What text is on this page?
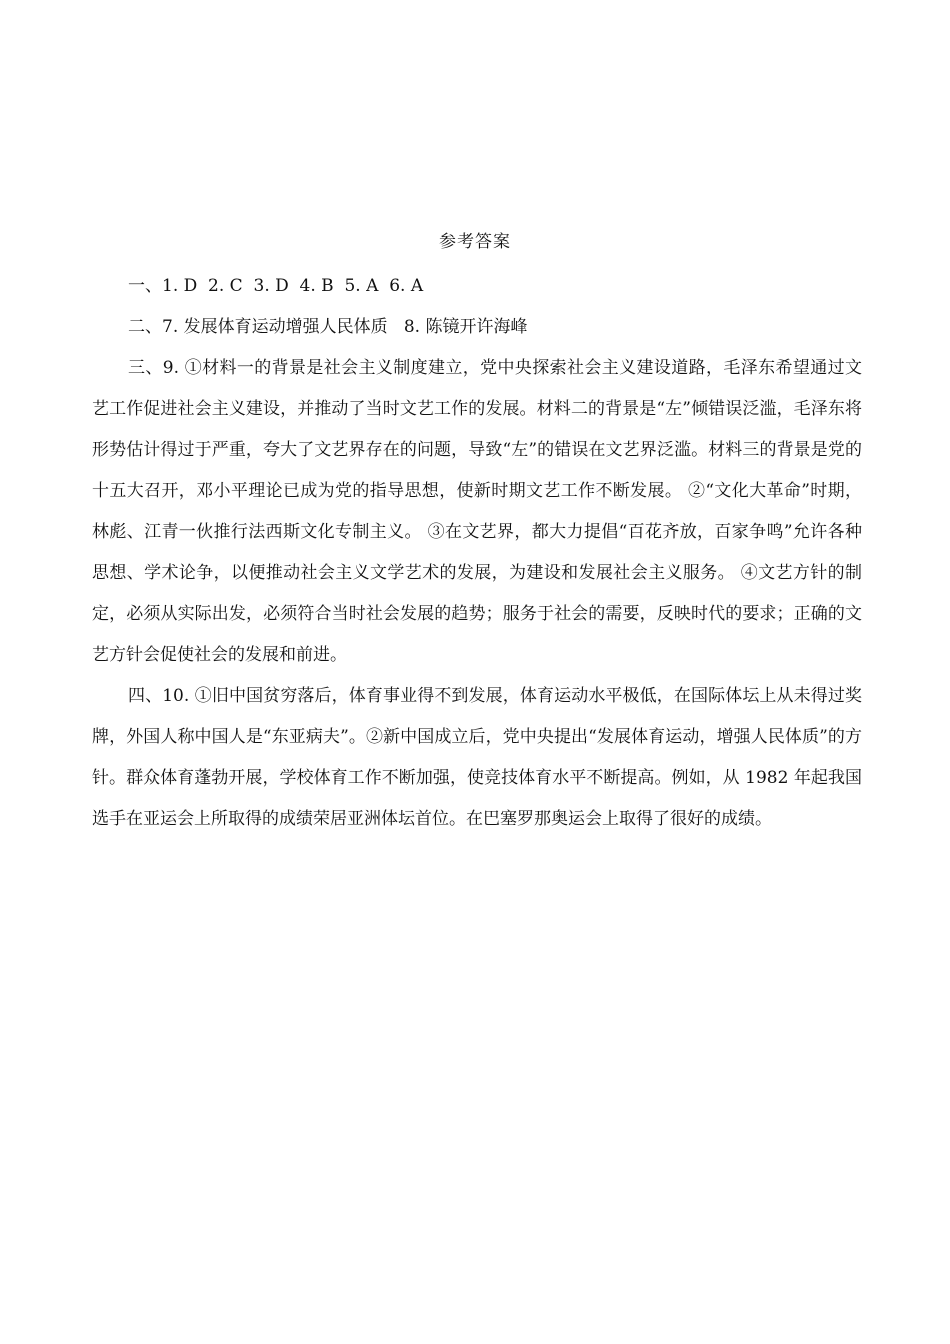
参考答案

一、1. D  2. C  3. D  4. B  5. A  6. A

二、7. 发展体育运动增强人民体质   8. 陈镜开许海峰

三、9. ①材料一的背景是社会主义制度建立，党中央探索社会主义建设道路，毛泽东希望通过文艺工作促进社会主义建设，并推动了当时文艺工作的发展。材料二的背景是“左”倾错误泛滥，毛泽东将形势估计得过于严重，夸大了文艺界存在的问题，导致“左”的错误在文艺界泛滥。材料三的背景是党的十五大召开，邓小平理论已成为党的指导思想，使新时期文艺工作不断发展。 ②“文化大革命”时期，林彪、江青一伙推行法西斯文化专制主义。 ③在文艺界，都大力提倡“百花齐放，百家争鸣”允许各种思想、学术论争，以便推动社会主义文学艺术的发展，为建设和发展社会主义服务。 ④文艺方针的制定，必须从实际出发，必须符合当时社会发展的趋势；服务于社会的需要，反映时代的要求；正确的文艺方针会促使社会的发展和前进。

四、10. ①旧中国贫穷落后，体育事业得不到发展，体育运动水平极低，在国际体坛上从未得过奖牌，外国人称中国人是“东亚病夫”。②新中国成立后，党中央提出“发展体育运动，增强人民体质”的方针。群众体育蓬勃开展，学校体育工作不断加强，使竞技体育水平不断提高。例如，从 1982 年起我国选手在亚运会上所取得的成绩荣居亚洲体坛首位。在巴塞罗那奥运会上取得了很好的成绩。
